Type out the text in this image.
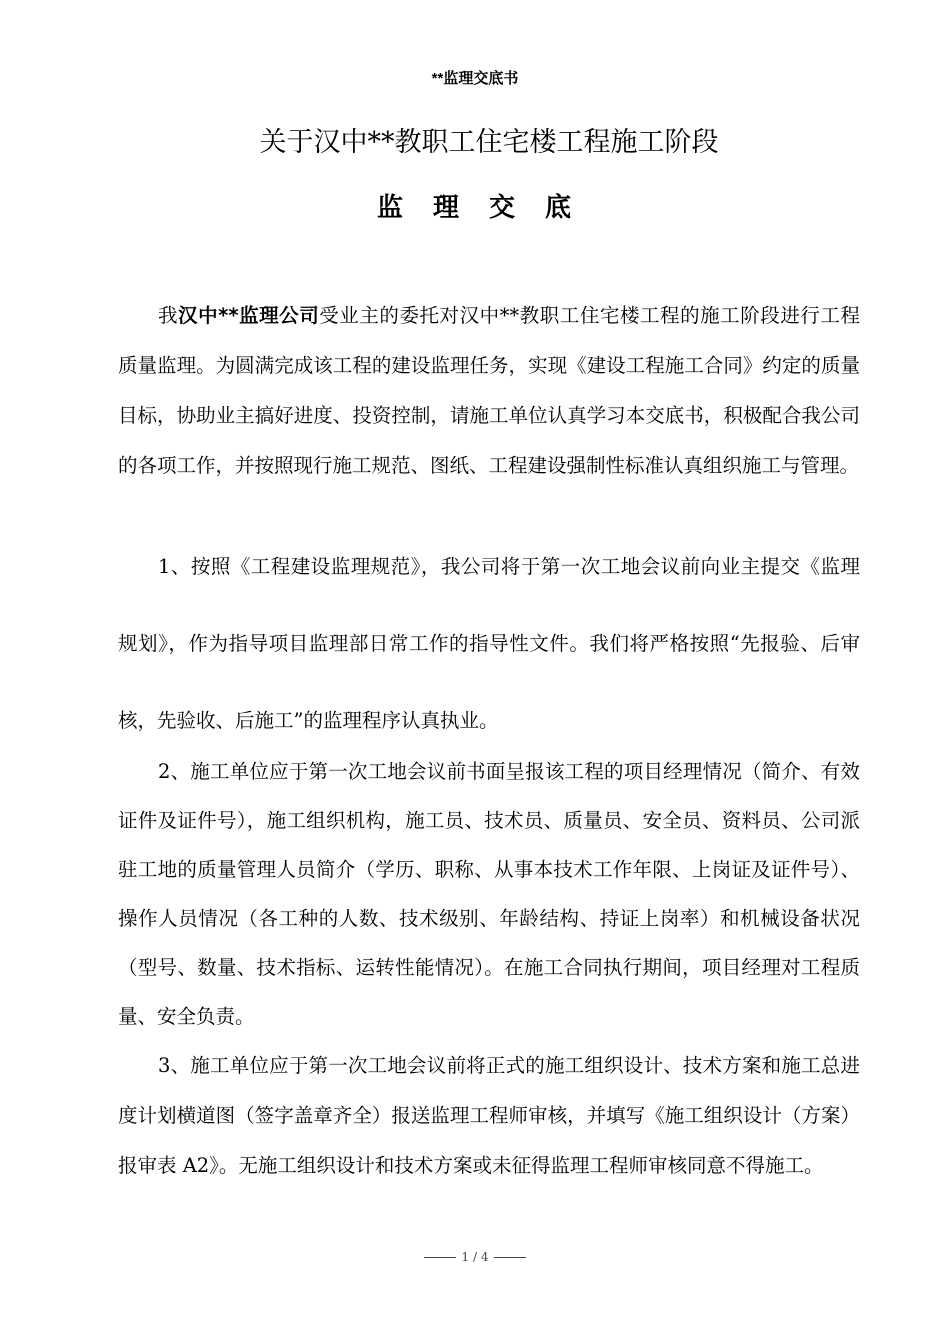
**监理交底书
关于汉中**教职工住宅楼工程施工阶段
监理交底

我汉中**监理公司受业主的委托对汉中**教职工住宅楼工程的施工阶段进行工程质量监理。为圆满完成该工程的建设监理任务，实现《建设工程施工合同》约定的质量目标，协助业主搞好进度、投资控制，请施工单位认真学习本交底书，积极配合我公司的各项工作，并按照现行施工规范、图纸、工程建设强制性标准认真组织施工与管理。

1、按照《工程建设监理规范》，我公司将于第一次工地会议前向业主提交《监理规划》，作为指导项目监理部日常工作的指导性文件。我们将严格按照“先报验、后审核，先验收、后施工”的监理程序认真执业。

2、施工单位应于第一次工地会议前书面呈报该工程的项目经理情况（简介、有效证件及证件号），施工组织机构，施工员、技术员、质量员、安全员、资料员、公司派驻工地的质量管理人员简介（学历、职称、从事本技术工作年限、上岗证及证件号）、操作人员情况（各工种的人数、技术级别、年龄结构、持证上岗率）和机械设备状况（型号、数量、技术指标、运转性能情况）。在施工合同执行期间，项目经理对工程质量、安全负责。

3、施工单位应于第一次工地会议前将正式的施工组织设计、技术方案和施工总进度计划横道图（签字盖章齐全）报送监理工程师审核，并填写《施工组织设计（方案）报审表 A2》。无施工组织设计和技术方案或未征得监理工程师审核同意不得施工。

1 / 4
